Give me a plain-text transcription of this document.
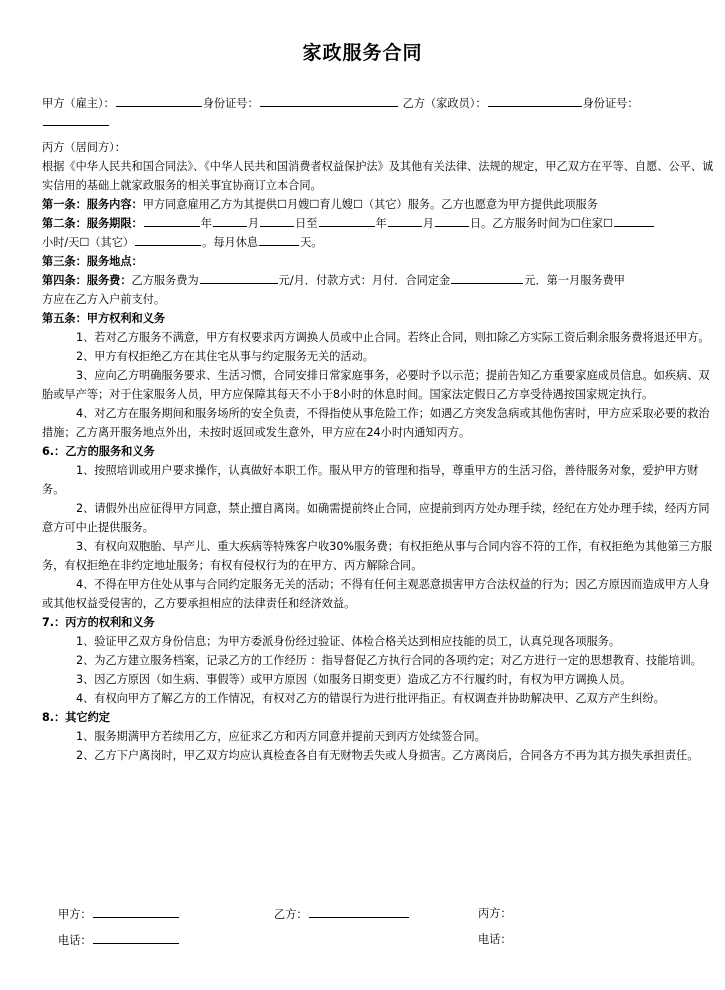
家政服务合同
甲方（雇主）：	身份证号：	乙方（家政员）：	身份证号：
丙方（居间方）：
根据《中华人民共和国合同法》、《中华人民共和国消费者权益保护法》及其他有关法律、法规的规定，甲乙双方在平等、自愿、公平、诚实信用的基础上就家政服务的相关事宜协商订立本合同。
第一条：服务内容：甲方同意雇用乙方为其提供☐月嫂☐育儿嫂☐（其它）服务。乙方也愿意为甲方提供此项服务
第二条：服务期限：	年	月	日至	年	月	日。乙方服务时间为☐住家☐
小时/天☐（其它）	。每月休息	天。
第三条：服务地点：
第四条：服务费：乙方服务费为	元/月．付款方式：月付．合同定金	元．第一月服务费甲
方应在乙方入户前支付。
第五条：甲方权利和义务
1、若对乙方服务不满意，甲方有权要求丙方调换人员或中止合同。若终止合同，则扣除乙方实际工资后剩余服务费将退还甲方。
2、甲方有权拒绝乙方在其住宅从事与约定服务无关的活动。
3、应向乙方明确服务要求、生活习惯，合同安排日常家庭事务，必要时予以示范；提前告知乙方重要家庭成员信息。如疾病、双胎或早产等；对于住家服务人员，甲方应保障其每天不小于8小时的休息时间。国家法定假日乙方享受待遇按国家规定执行。
4、对乙方在服务期间和服务场所的安全负责，不得指使从事危险工作；如遇乙方突发急病或其他伤害时，甲方应采取必要的救治措施；乙方离开服务地点外出，未按时返回或发生意外，甲方应在24小时内通知丙方。
6.：乙方的服务和义务
1、按照培训或用户要求操作，认真做好本职工作。服从甲方的管理和指导，尊重甲方的生活习俗，善待服务对象，爱护甲方财务。
2、请假外出应征得甲方同意，禁止擅自离岗。如确需提前终止合同，应提前到丙方处办理手续，经纪在方处办理手续，经丙方同意方可中止提供服务。
3、有权向双胞胎、早产儿、重大疾病等特殊客户收30%服务费；有权拒绝从事与合同内容不符的工作，有权拒绝为其他第三方服务，有权拒绝在非约定地址服务；有权有侵权行为的在甲方、丙方解除合同。
4、不得在甲方住处从事与合同约定服务无关的活动；不得有任何主观恶意损害甲方合法权益的行为；因乙方原因而造成甲方人身或其他权益受侵害的，乙方要承担相应的法律责任和经济效益。
7.：丙方的权利和义务
1、验证甲乙双方身份信息；为甲方委派身份经过验证、体检合格关达到相应技能的员工，认真兑现各项服务。
2、为乙方建立服务档案，记录乙方的工作经历 ：指导督促乙方执行合同的各项约定；对乙方进行一定的思想教育、技能培训。
3、因乙方原因（如生病、事假等）或甲方原因（如服务日期变更）造成乙方不行履约时，有权为甲方调换人员。
4、有权向甲方了解乙方的工作情况，有权对乙方的错误行为进行批评指正。有权调查并协助解决甲、乙双方产生纠纷。
8.：其它约定
1、服务期满甲方若续用乙方，应征求乙方和丙方同意并提前天到丙方处续签合同。
2、乙方下户离岗时，甲乙双方均应认真检查各自有无财物丢失或人身损害。乙方离岗后，合同各方不再为其方损失承担责任。
甲方：	乙方：	丙方：
电话：	电话：
